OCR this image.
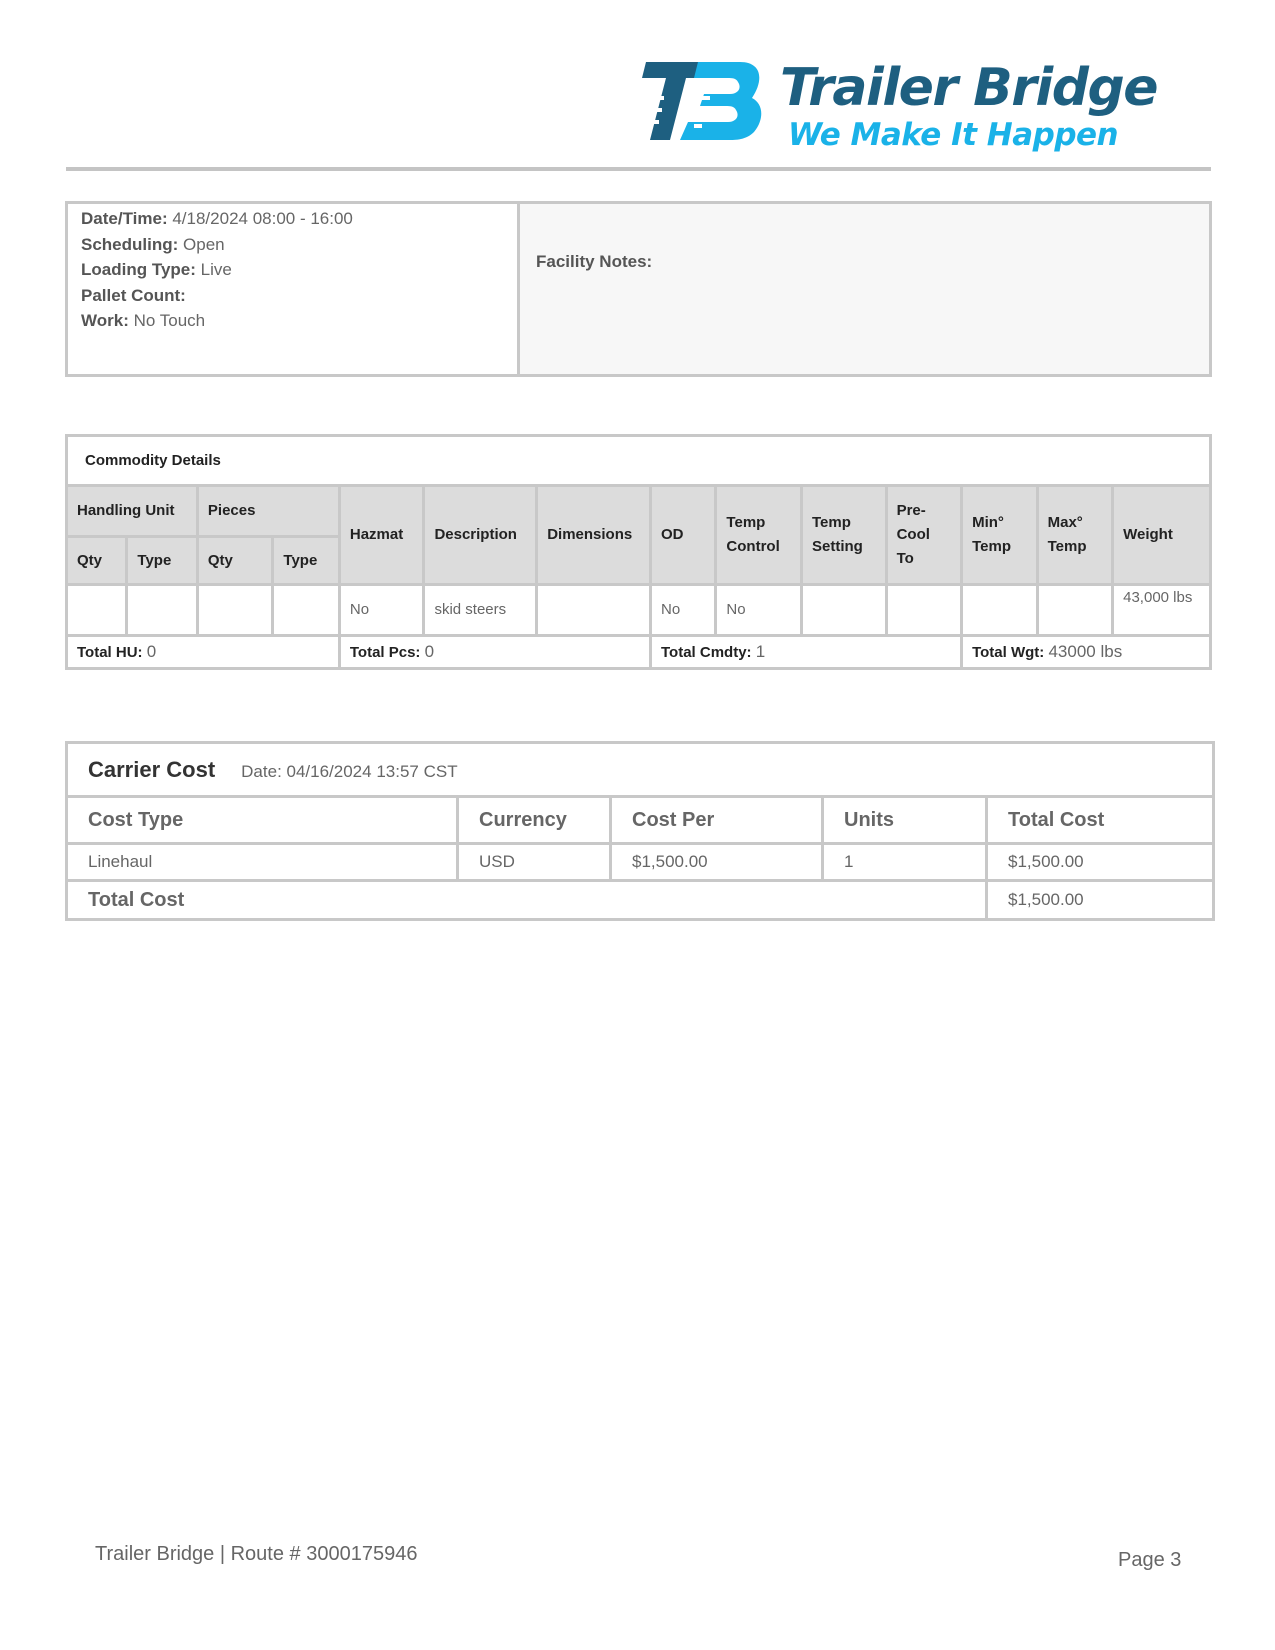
Trailer Bridge
We Make It Happen
Date/Time: 4/18/2024 08:00 - 16:00
Scheduling: Open
Loading Type: Live
Pallet Count:
Work: No Touch
	Facility Notes:
Commodity Details													
Handling Unit		Pieces		Hazmat	Description	Dimensions	OD	Temp Control	Temp Setting	Pre-Cool To	Min° Temp	Max° Temp	Weight
Qty	Type	Qty	Type										
				No	skid steers		No	No					43,000 lbs
Total HU: 0				Total Pcs: 0			Total Cmdty: 1				Total Wgt: 43000 lbs		
Carrier Cost Date: 04/16/2024 13:57 CST				
Cost Type	Currency	Cost Per	Units	Total Cost
Linehaul	USD	$1,500.00	1	$1,500.00
Total Cost				$1,500.00
Trailer Bridge | Route # 3000175946	Page 3
